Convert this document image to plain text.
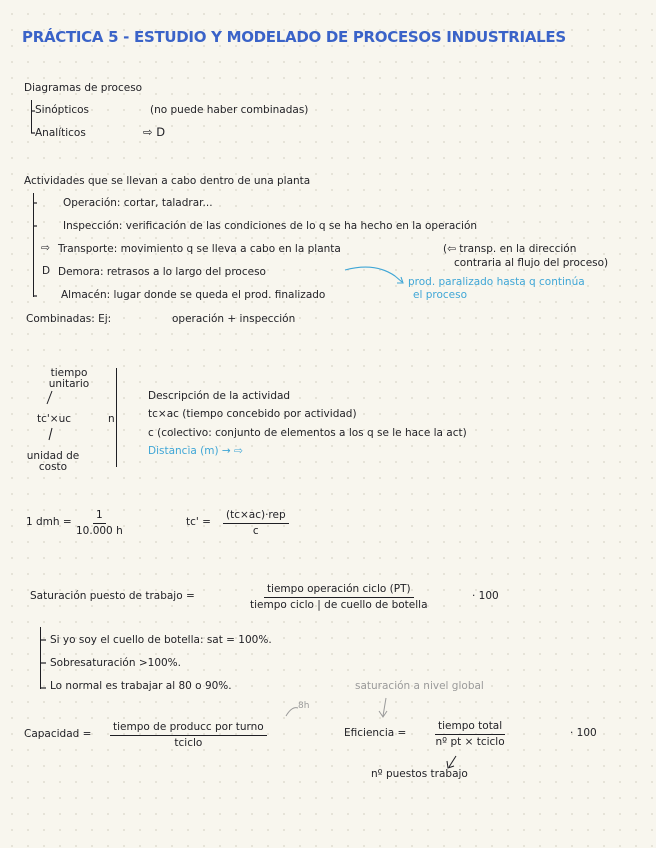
PRÁCTICA 5 - ESTUDIO Y MODELADO DE PROCESOS INDUSTRIALES
Diagramas de proceso
Sinópticos	(no puede haber combinadas)
Analíticos	⇨ D
Actividades que se llevan a cabo dentro de una planta
Operación: cortar, taladrar...
Inspección: verificación de las condiciones de lo q se ha hecho en la operación
⇨ Transporte: movimiento q se lleva a cabo en la planta	(⇦ transp. en la dirección
contraria al flujo del proceso)
D Demora: retrasos a lo largo del proceso
prod. paralizado hasta q continúa
el proceso
Almacén: lugar donde se queda el prod. finalizado
Combinadas: Ej:	operación + inspección
tiempo unitario
tc'×uc	n
unidad de costo
Descripción de la actividad
tc×ac (tiempo concebido por actividad)
c (colectivo: conjunto de elementos a los q se le hace la act)
Distancia (m) → ⇨
1 dmh = $\frac{1}{10.000 h}$	tc' =
(tc×ac)·rep
c
Saturación puesto de trabajo =
tiempo operación ciclo (PT)
tiempo ciclo | de cuello de botella
· 100
Si yo soy el cuello de botella: sat = 100%.
Sobresaturación >100%.
Lo normal es trabajar al 80 o 90%.	saturación a nivel global
Capacidad =
tiempo de producc por turno
tciclo
8h
Eficiencia =
tiempo total
nº pt × tciclo
· 100
nº puestos trabajo
